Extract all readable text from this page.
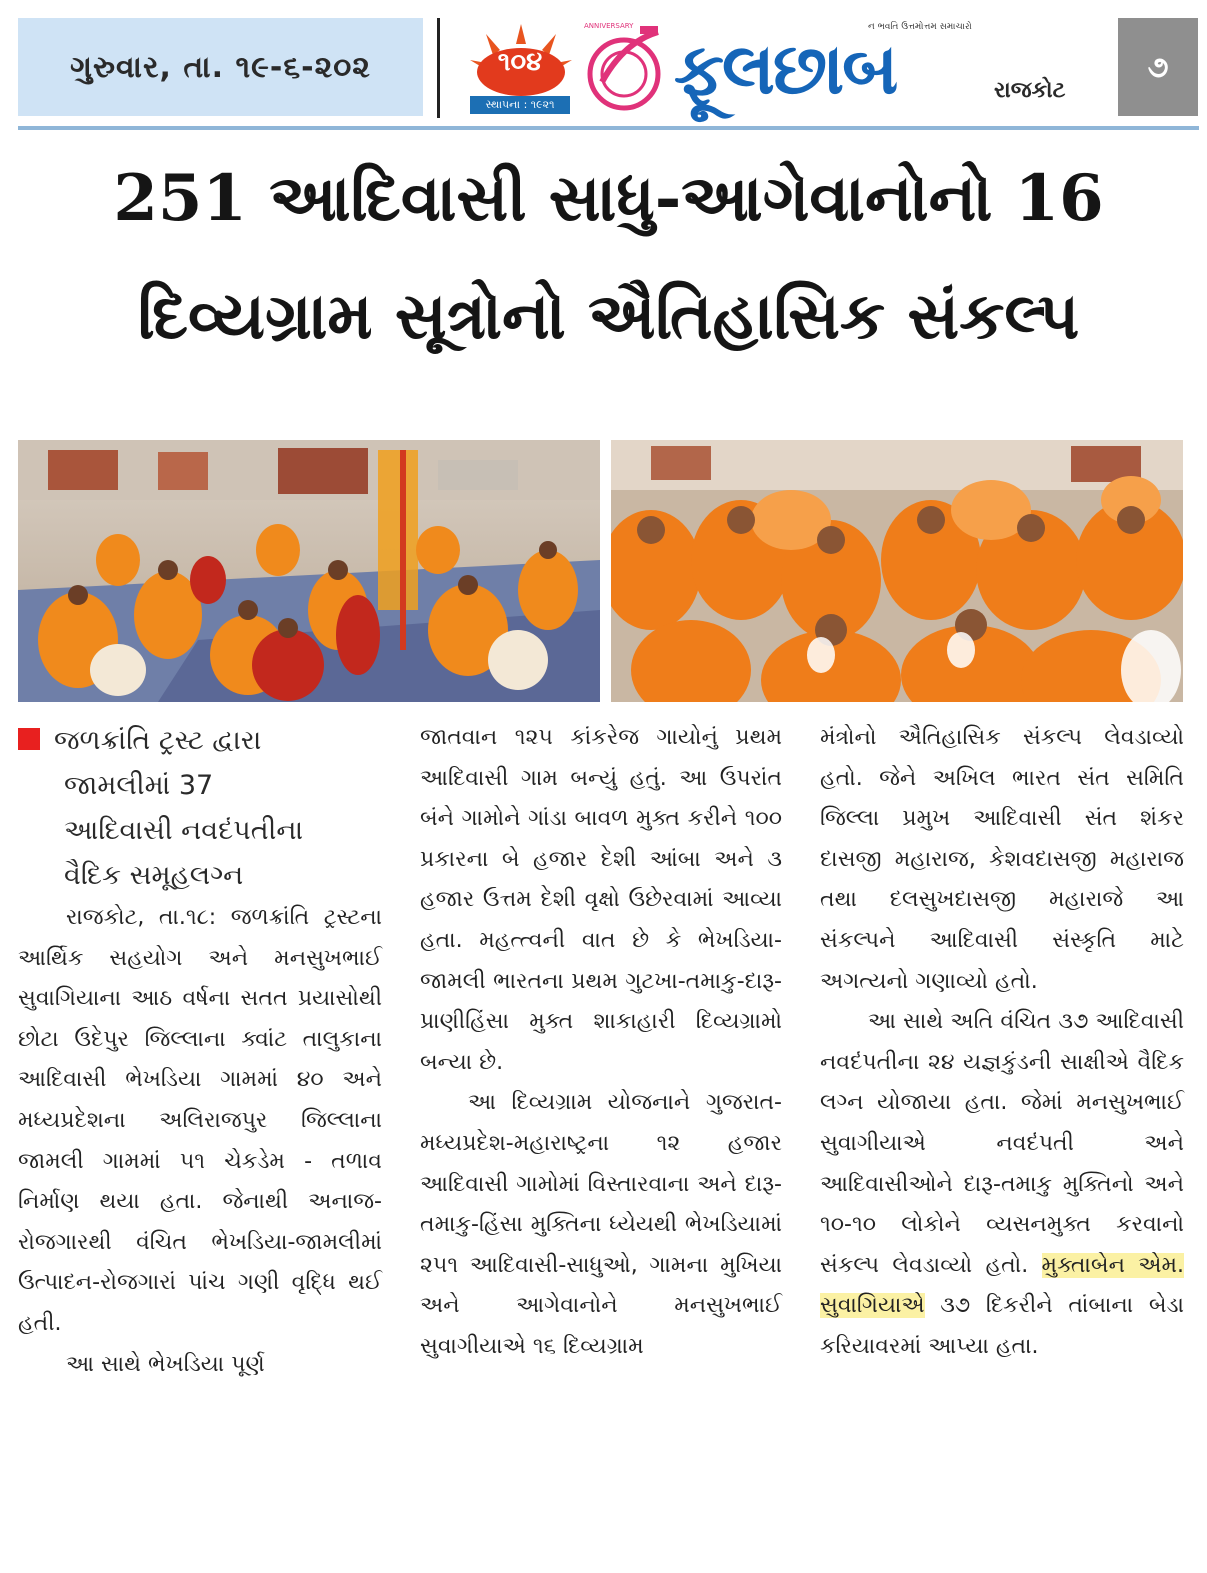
ગુરુવાર, તા. ૧૯-૬-૨૦૨	૧૦૪
સ્થાપના : ૧૯૨૧
ANNIVERSARY
ફૂલછાબ
ન ભવતિ ઉત્તમોત્તમ સમાચારો
રાજકોટ
૭
251 આદિવાસી સાધુ-આગેવાનોનો 16
દિવ્યગ્રામ સૂત્રોનો ઐતિહાસિક સંકલ્પ
જળક્રાંતિ ટ્રસ્ટ દ્વારા
જામલીમાં 37
આદિવાસી નવદંપતીના
વૈદિક સમૂહલગ્ન

રાજકોટ, તા.૧૮: જળક્રાંતિ ટ્રસ્ટના આર્થિક સહયોગ અને મનસુખભાઈ સુવાગિયાના આઠ વર્ષના સતત પ્રયાસોથી છોટા ઉદેપુર જિલ્લાના ક્વાંટ તાલુકાના આદિવાસી ભેખડિયા ગામમાં ૪૦ અને મધ્યપ્રદેશના અલિરાજપુર જિલ્લાના જામલી ગામમાં ૫૧ ચેકડેમ - તળાવ નિર્માણ થયા હતા. જેનાથી અનાજ-રોજગારથી વંચિત ભેખડિયા-જામલીમાં ઉત્પાદન-રોજગારાં પાંચ ગણી વૃદ્ધિ થઈ હતી.

આ સાથે ભેખડિયા પૂર્ણ

જાતવાન ૧૨૫ કાંકરેજ ગાયોનું પ્રથમ આદિવાસી ગામ બન્યું હતું. આ ઉપરાંત બંને ગામોને ગાંડા બાવળ મુક્ત કરીને ૧૦૦ પ્રકારના બે હજાર દેશી આંબા અને ૩ હજાર ઉત્તમ દેશી વૃક્ષો ઉછેરવામાં આવ્યા હતા. મહત્ત્વની વાત છે કે ભેખડિયા-જામલી ભારતના પ્રથમ ગુટખા-તમાકુ-દારૂ-પ્રાણીહિંસા મુક્ત શાકાહારી દિવ્યગ્રામો બન્યા છે.

આ દિવ્યગ્રામ યોજનાને ગુજરાત-મધ્યપ્રદેશ-મહારાષ્ટ્રના ૧૨ હજાર આદિવાસી ગામોમાં વિસ્તારવાના અને દારૂ-તમાકુ-હિંસા મુક્તિના ધ્યેયથી ભેખડિયામાં ૨૫૧ આદિવાસી-સાધુઓ, ગામના મુખિયા અને આગેવાનોને મનસુખભાઈ સુવાગીયાએ ૧૬ દિવ્યગ્રામ

મંત્રોનો ઐતિહાસિક સંકલ્પ લેવડાવ્યો હતો. જેને અખિલ ભારત સંત સમિતિ જિલ્લા પ્રમુખ આદિવાસી સંત શંકર દાસજી મહારાજ, કેશવદાસજી મહારાજ તથા દલસુખદાસજી મહારાજે આ સંકલ્પને આદિવાસી સંસ્કૃતિ માટે અગત્યનો ગણાવ્યો હતો.

આ સાથે અતિ વંચિત ૩૭ આદિવાસી નવદંપતીના ૨૪ યજ્ઞકુંડની સાક્ષીએ વૈદિક લગ્ન યોજાયા હતા. જેમાં મનસુખભાઈ સુવાગીયાએ નવદંપતી અને આદિવાસીઓને દારૂ-તમાકુ મુક્તિનો અને ૧૦-૧૦ લોકોને વ્યસનમુક્ત કરવાનો સંકલ્પ લેવડાવ્યો હતો. મુક્તાબેન એમ. સુવાગિયાએ ૩૭ દિકરીને તાંબાના બેડા કરિયાવરમાં આપ્યા હતા.
